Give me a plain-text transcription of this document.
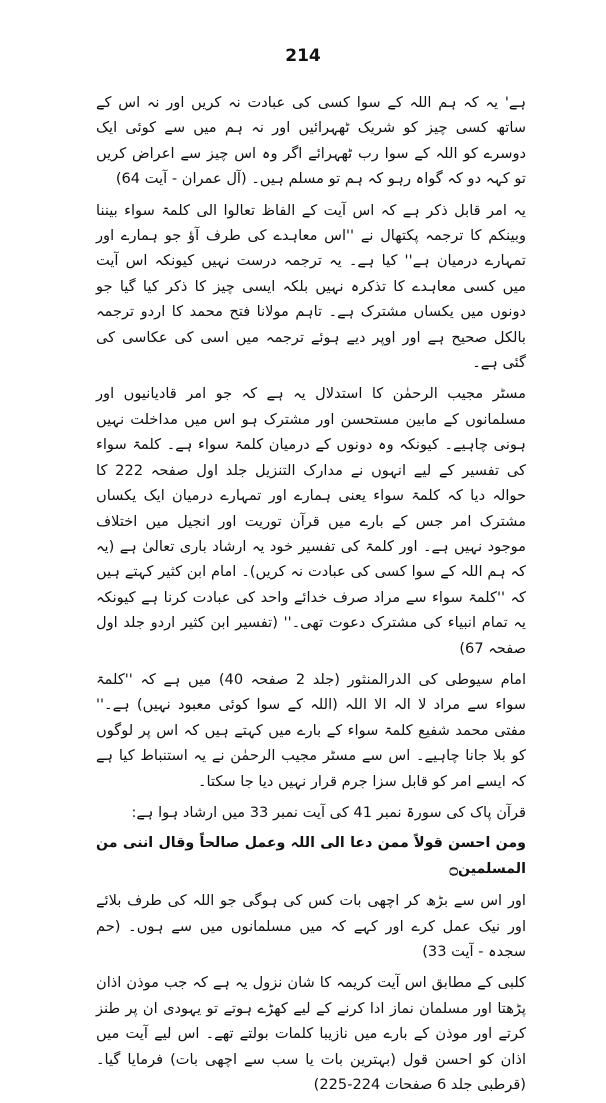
214

ہے' یہ کہ ہم اللہ کے سوا کسی کی عبادت نہ کریں اور نہ اس کے ساتھ کسی چیز کو شریک ٹھہرائیں اور نہ ہم میں سے کوئی ایک دوسرے کو اللہ کے سوا رب ٹھہرائے اگر وہ اس چیز سے اعراض کریں تو کہہ دو کہ گواہ رہو کہ ہم تو مسلم ہیں۔ (آل عمران - آیت 64)

یہ امر قابل ذکر ہے کہ اس آیت کے الفاظ تعالوا الی کلمۃ سواء بیننا وبینکم کا ترجمہ پکتھال نے ''اس معاہدے کی طرف آؤ جو ہمارے اور تمہارے درمیان ہے'' کیا ہے۔ یہ ترجمہ درست نہیں کیونکہ اس آیت میں کسی معاہدے کا تذکرہ نہیں بلکہ ایسی چیز کا ذکر کیا گیا جو دونوں میں یکساں مشترک ہے۔ تاہم مولانا فتح محمد کا اردو ترجمہ بالکل صحیح ہے اور اوپر دیے ہوئے ترجمہ میں اسی کی عکاسی کی گئی ہے۔

مسٹر مجیب الرحمٰن کا استدلال یہ ہے کہ جو امر قادیانیوں اور مسلمانوں کے مابین مستحسن اور مشترک ہو اس میں مداخلت نہیں ہونی چاہیے۔ کیونکہ وہ دونوں کے درمیان کلمۃ سواء ہے۔ کلمۃ سواء کی تفسیر کے لیے انہوں نے مدارک التنزیل جلد اول صفحہ 222 کا حوالہ دیا کہ کلمۃ سواء یعنی ہمارے اور تمہارے درمیان ایک یکساں مشترک امر جس کے بارے میں قرآن توریت اور انجیل میں اختلاف موجود نہیں ہے۔ اور کلمۃ کی تفسیر خود یہ ارشاد باری تعالیٰ ہے (یہ کہ ہم اللہ کے سوا کسی کی عبادت نہ کریں)۔ امام ابن کثیر کہتے ہیں کہ ''کلمۃ سواء سے مراد صرف خدائے واحد کی عبادت کرنا ہے کیونکہ یہ تمام انبیاء کی مشترک دعوت تھی۔'' (تفسیر ابن کثیر اردو جلد اول صفحہ 67)

امام سیوطی کی الدرالمنثور (جلد 2 صفحہ 40) میں ہے کہ ''کلمۃ سواء سے مراد لا الہ الا اللہ (اللہ کے سوا کوئی معبود نہیں) ہے۔'' مفتی محمد شفیع کلمۃ سواء کے بارے میں کہتے ہیں کہ اس پر لوگوں کو بلا جانا چاہیے۔ اس سے مسٹر مجیب الرحمٰن نے یہ استنباط کیا ہے کہ ایسے امر کو قابل سزا جرم قرار نہیں دیا جا سکتا۔

قرآن پاک کی سورۃ نمبر 41 کی آیت نمبر 33 میں ارشاد ہوا ہے:

ومن احسن قولاً ممن دعا الی اللہ وعمل صالحاً وقال اننی من المسلمین۝

اور اس سے بڑھ کر اچھی بات کس کی ہوگی جو اللہ کی طرف بلائے اور نیک عمل کرے اور کہے کہ میں مسلمانوں میں سے ہوں۔ (حم سجدہ - آیت 33)

کلبی کے مطابق اس آیت کریمہ کا شان نزول یہ ہے کہ جب موذن اذان پڑھتا اور مسلمان نماز ادا کرنے کے لیے کھڑے ہوتے تو یہودی ان پر طنز کرتے اور موذن کے بارے میں نازیبا کلمات بولتے تھے۔ اس لیے آیت میں اذان کو احسن قول (بہترین بات یا سب سے اچھی بات) فرمایا گیا۔ (قرطبی جلد 6 صفحات 224-225)
